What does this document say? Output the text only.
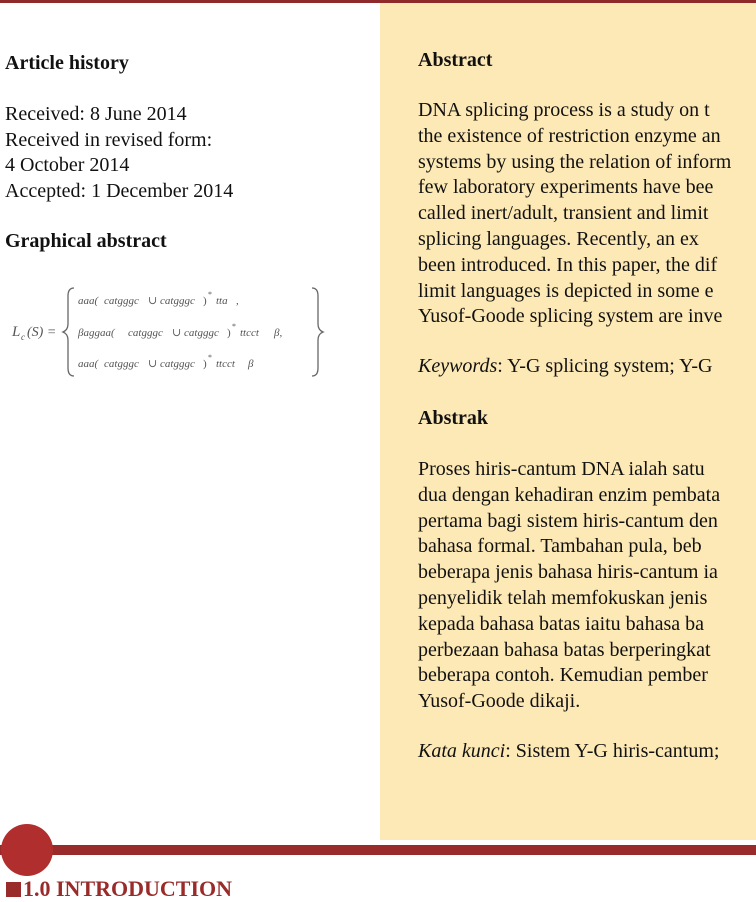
Article history

Received: 8 June 2014
Received in revised form:
4 October 2014
Accepted: 1 December 2014

Graphical abstract

L c (S) =
aaa( catgggc ∪ catgggc )
*
tta ,
βaggaa( catgggc ∪ catgggc )
*
ttcct β,
aaa( catgggc ∪ catgggc )
*
ttcct β

Abstract

DNA splicing process is a study on t
the existence of restriction enzyme an
systems by using the relation of inform
few laboratory experiments have bee
called inert/adult, transient and limit
splicing languages. Recently, an ex
been introduced. In this paper, the dif
limit languages is depicted in some e
Yusof-Goode splicing system are inve
Keywords: Y-G splicing system; Y-G

Abstrak

Proses hiris-cantum DNA ialah satu
dua dengan kehadiran enzim pembata
pertama bagi sistem hiris-cantum den
bahasa formal. Tambahan pula, beb
beberapa jenis bahasa hiris-cantum ia
penyelidik telah memfokuskan jenis
kepada bahasa batas iaitu bahasa ba
perbezaan bahasa batas berperingkat
beberapa contoh. Kemudian pember
Yusof-Goode dikaji.
Kata kunci: Sistem Y-G hiris-cantum;
1.0 INTRODUCTION
